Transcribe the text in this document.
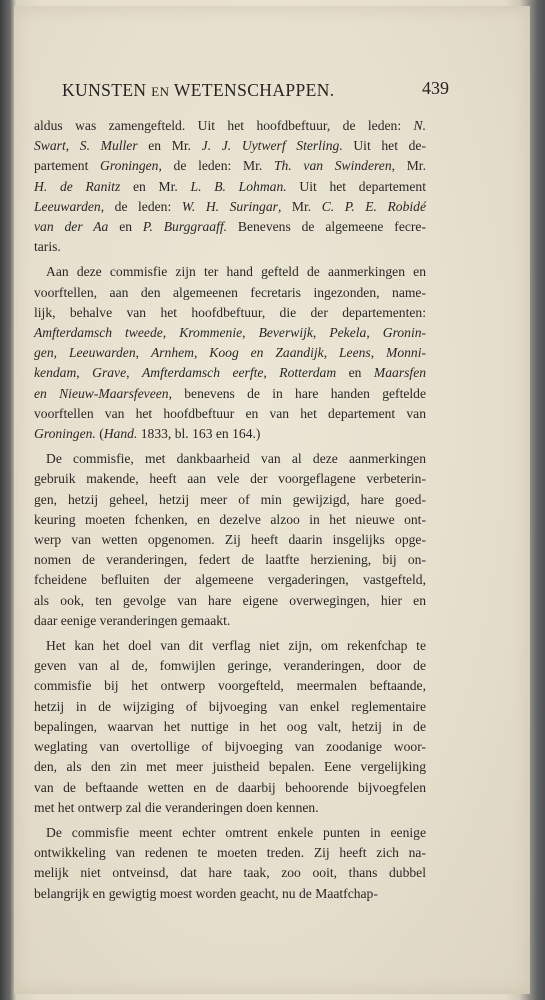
KUNSTEN EN WETENSCHAPPEN.	439
aldus was zamengefteld. Uit het hoofdbeftuur, de leden: N.
Swart, S. Muller en Mr. J. J. Uytwerf Sterling. Uit het de-
partement Groningen, de leden: Mr. Th. van Swinderen, Mr.
H. de Ranitz en Mr. L. B. Lohman. Uit het departement
Leeuwarden, de leden: W. H. Suringar, Mr. C. P. E. Robidé
van der Aa en P. Burggraaff. Benevens de algemeene fecre-
taris.
Aan deze commisfie zijn ter hand gefteld de aanmerkingen en
voorftellen, aan den algemeenen fecretaris ingezonden, name-
lijk, behalve van het hoofdbeftuur, die der departementen:
Amfterdamsch tweede, Krommenie, Beverwijk, Pekela, Gronin-
gen, Leeuwarden, Arnhem, Koog en Zaandijk, Leens, Monni-
kendam, Grave, Amfterdamsch eerfte, Rotterdam en Maarsfen
en Nieuw-Maarsfeveen, benevens de in hare handen geftelde
voorftellen van het hoofdbeftuur en van het departement van
Groningen. (Hand. 1833, bl. 163 en 164.)
De commisfie, met dankbaarheid van al deze aanmerkingen
gebruik makende, heeft aan vele der voorgeflagene verbeterin-
gen, hetzij geheel, hetzij meer of min gewijzigd, hare goed-
keuring moeten fchenken, en dezelve alzoo in het nieuwe ont-
werp van wetten opgenomen. Zij heeft daarin insgelijks opge-
nomen de veranderingen, federt de laatfte herziening, bij on-
fcheidene befluiten der algemeene vergaderingen, vastgefteld,
als ook, ten gevolge van hare eigene overwegingen, hier en
daar eenige veranderingen gemaakt.
Het kan het doel van dit verflag niet zijn, om rekenfchap te
geven van al de, fomwijlen geringe, veranderingen, door de
commisfie bij het ontwerp voorgefteld, meermalen beftaande,
hetzij in de wijziging of bijvoeging van enkel reglementaire
bepalingen, waarvan het nuttige in het oog valt, hetzij in de
weglating van overtollige of bijvoeging van zoodanige woor-
den, als den zin met meer juistheid bepalen. Eene vergelijking
van de beftaande wetten en de daarbij behoorende bijvoegfelen
met het ontwerp zal die veranderingen doen kennen.
De commisfie meent echter omtrent enkele punten in eenige
ontwikkeling van redenen te moeten treden. Zij heeft zich na-
melijk niet ontveinsd, dat hare taak, zoo ooit, thans dubbel
belangrijk en gewigtig moest worden geacht, nu de Maatfchap-
